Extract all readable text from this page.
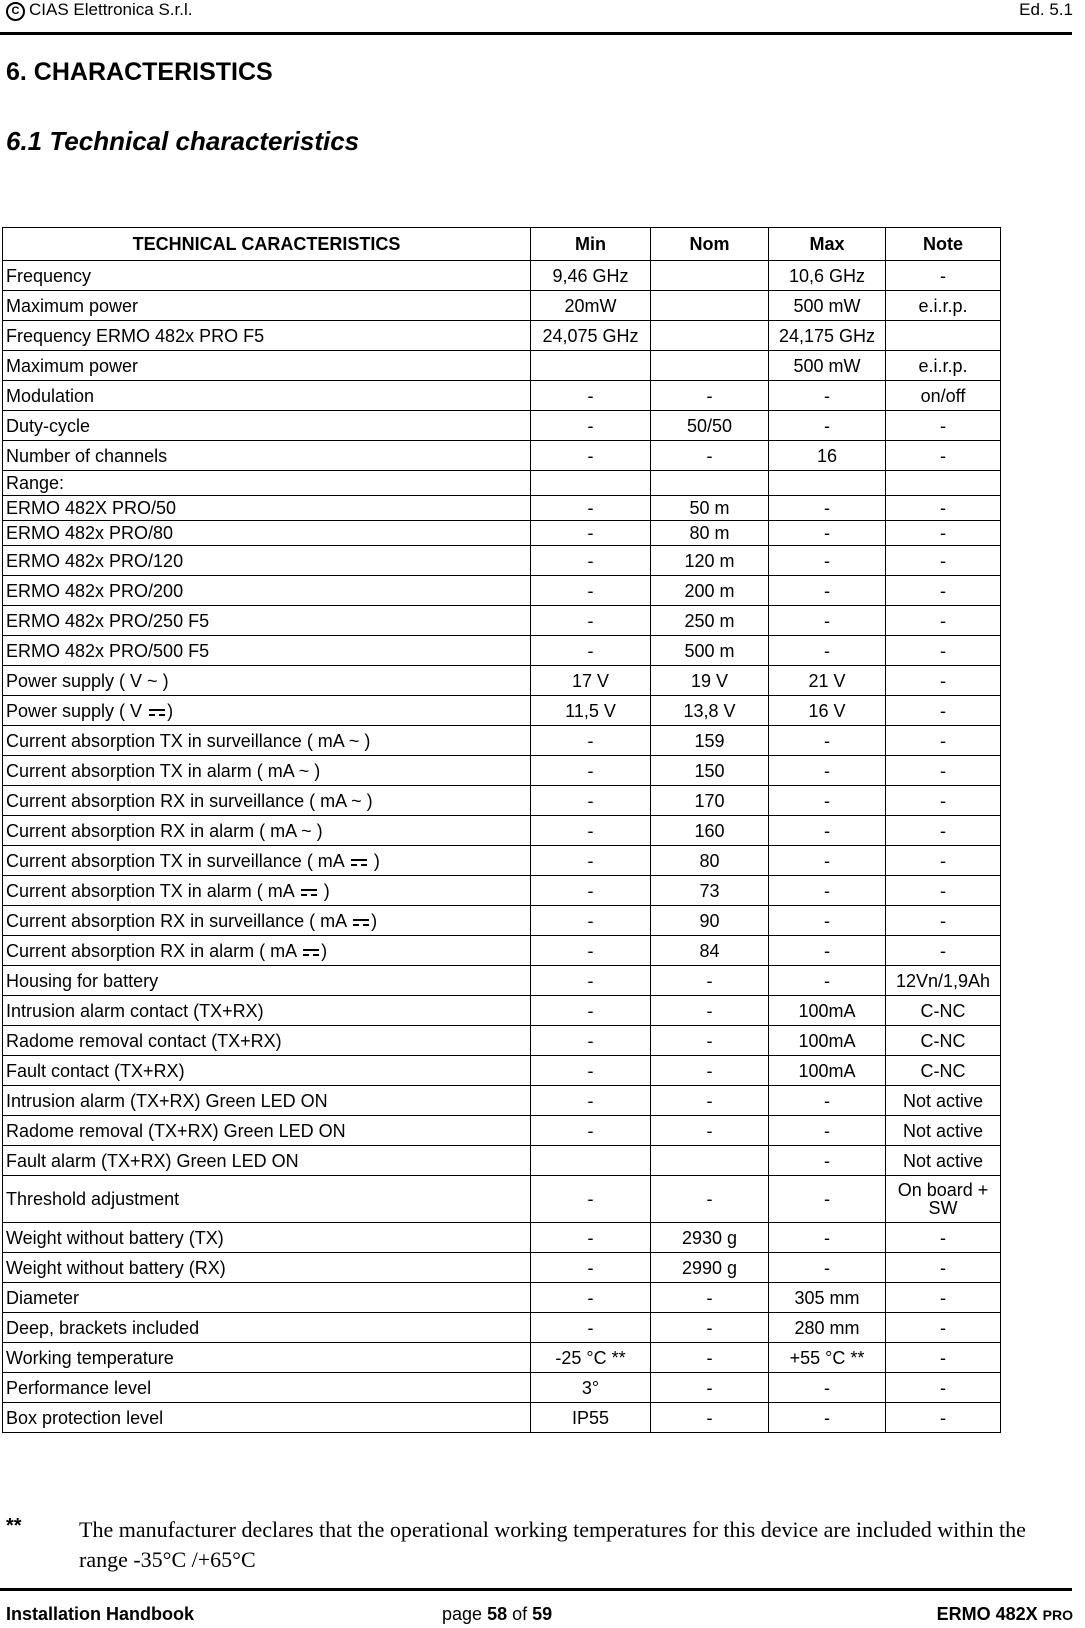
C CIAS Elettronica S.r.l.	Ed. 5.1
6. CHARACTERISTICS
6.1 Technical characteristics
TECHNICAL CARACTERISTICS	Min	Nom	Max	Note
Frequency	9,46 GHz		10,6 GHz	-
Maximum power	20mW		500 mW	e.i.r.p.
Frequency ERMO 482x PRO F5	24,075 GHz		24,175 GHz	
Maximum power			500 mW	e.i.r.p.
Modulation	-	-	-	on/off
Duty-cycle	-	50/50	-	-
Number of channels	-	-	16	-
Range:				
ERMO 482X PRO/50	-	50 m	-	-
ERMO 482x PRO/80	-	80 m	-	-
ERMO 482x PRO/120	-	120 m	-	-
ERMO 482x PRO/200	-	200 m	-	-
ERMO 482x PRO/250 F5	-	250 m	-	-
ERMO 482x PRO/500 F5	-	500 m	-	-
Power supply ( V ~ )	17 V	19 V	21 V	-
Power supply ( V )	11,5 V	13,8 V	16 V	-
Current absorption TX in surveillance ( mA ~ )	-	159	-	-
Current absorption TX in alarm ( mA ~ )	-	150	-	-
Current absorption RX in surveillance ( mA ~ )	-	170	-	-
Current absorption RX in alarm ( mA ~ )	-	160	-	-
Current absorption TX in surveillance ( mA  )	-	80	-	-
Current absorption TX in alarm ( mA  )	-	73	-	-
Current absorption RX in surveillance ( mA )	-	90	-	-
Current absorption RX in alarm ( mA )	-	84	-	-
Housing for battery	-	-	-	12Vn/1,9Ah
Intrusion alarm contact (TX+RX)	-	-	100mA	C-NC
Radome removal contact (TX+RX)	-	-	100mA	C-NC
Fault contact (TX+RX)	-	-	100mA	C-NC
Intrusion alarm (TX+RX) Green LED ON	-	-	-	Not active
Radome removal (TX+RX) Green LED ON	-	-	-	Not active
Fault alarm (TX+RX) Green LED ON			-	Not active
Threshold adjustment	-	-	-	On board + SW
Weight without battery (TX)	-	2930 g	-	-
Weight without battery (RX)	-	2990 g	-	-
Diameter	-	-	305 mm	-
Deep, brackets included	-	-	280 mm	-
Working temperature	-25 °C **	-	+55 °C **	-
Performance level	3°	-	-	-
Box protection level	IP55	-	-	-
**	The manufacturer declares that the operational working temperatures for this device are included within the range -35°C /+65°C
Installation Handbook	page 58 of 59	ERMO 482X PRO
